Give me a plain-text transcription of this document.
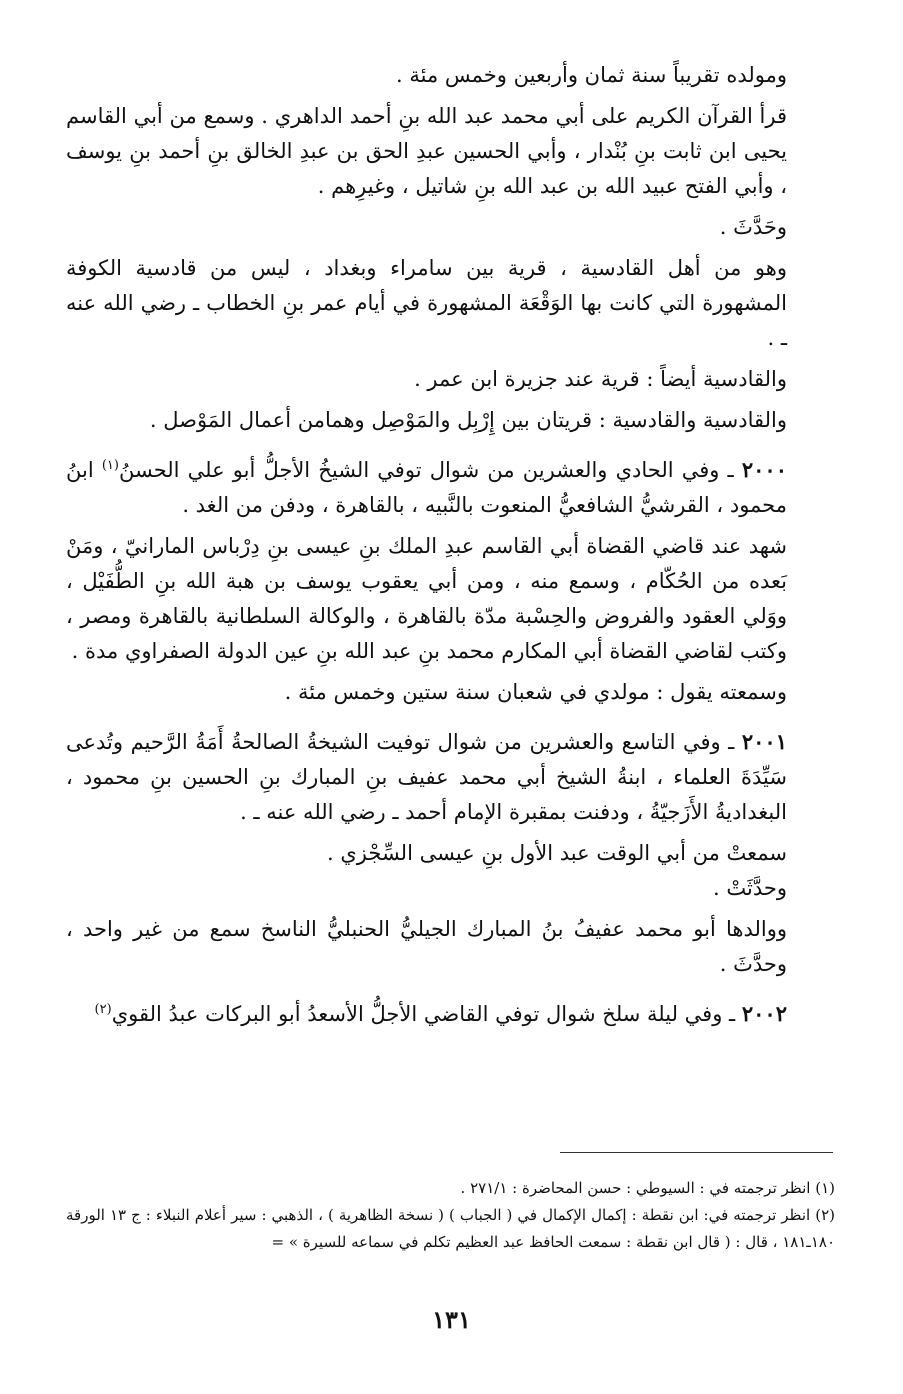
ومولده تقريباً سنة ثمان وأربعين وخمس مئة .

قرأ القرآن الكريم على أبي محمد عبد الله بنِ أحمد الداهري . وسمع من أبي القاسم يحيى ابن ثابت بنِ بُنْدار ، وأبي الحسين عبدِ الحق بن عبدِ الخالق بنِ أحمد بنِ يوسف ، وأبي الفتح عبيد الله بن عبد الله بنِ شاتيل ، وغيرِهم .

وحَدَّثَ .

وهو من أهل القادسية ، قرية بين سامراء وبغداد ، ليس من قادسية الكوفة المشهورة التي كانت بها الوَقْعَة المشهورة في أيام عمر بنِ الخطاب ـ رضي الله عنه ـ .

والقادسية أيضاً : قرية عند جزيرة ابن عمر .

والقادسية والقادسية : قريتان بين إِرْبِل والمَوْصِل وهمامن أعمال المَوْصل .

٢٠٠٠ ـ وفي الحادي والعشرين من شوال توفي الشيخُ الأجلُّ أبو علي الحسنُ$^{(١)}$ ابنُ محمود ، القرشيُّ الشافعيُّ المنعوت بالنَّبيه ، بالقاهرة ، ودفن من الغد .

شهد عند قاضي القضاة أبي القاسم عبدِ الملك بنِ عيسى بنِ دِرْباس المارانيّ ، ومَنْ بَعده من الحُكّام ، وسمع منه ، ومن أبي يعقوب يوسف بن هبة الله بنِ الطُّفَيْل ، ووَلي العقود والفروض والحِسْبة مدّة بالقاهرة ، والوكالة السلطانية بالقاهرة ومصر ، وكتب لقاضي القضاة أبي المكارم محمد بنِ عبد الله بنِ عين الدولة الصفراوي مدة .

وسمعته يقول : مولدي في شعبان سنة ستين وخمس مئة .

٢٠٠١ ـ وفي التاسع والعشرين من شوال توفيت الشيخةُ الصالحةُ أَمَةُ الرَّحيم وتُدعى سَيِّدَةَ العلماء ، ابنةُ الشيخ أبي محمد عفيف بنِ المبارك بنِ الحسين بنِ محمود ، البغداديةُ الأَزَجيّةُ ، ودفنت بمقبرة الإمام أحمد ـ رضي الله عنه ـ .

سمعتْ من أبي الوقت عبد الأول بنِ عيسى السِّجْزي .

وحدَّثَتْ .

ووالدها أبو محمد عفيفُ بنُ المبارك الجيليُّ الحنبليُّ الناسخ سمع من غير واحد ، وحدَّثَ .

٢٠٠٢ ـ وفي ليلة سلخ شوال توفي القاضي الأجلُّ الأسعدُ أبو البركات عبدُ القوي$^{(٢)}$

(١) انظر ترجمته في : السيوطي : حسن المحاضرة : ٢٧١/١ .

(٢) انظر ترجمته في: ابن نقطة : إكمال الإكمال في ( الجباب ) ( نسخة الظاهرية ) ، الذهبي : سير أعلام النبلاء : ج ١٣ الورقة ١٨٠ـ١٨١ ، قال : ( قال ابن نقطة : سمعت الحافظ عبد العظيم تكلم في سماعه للسيرة » =

١٣١
